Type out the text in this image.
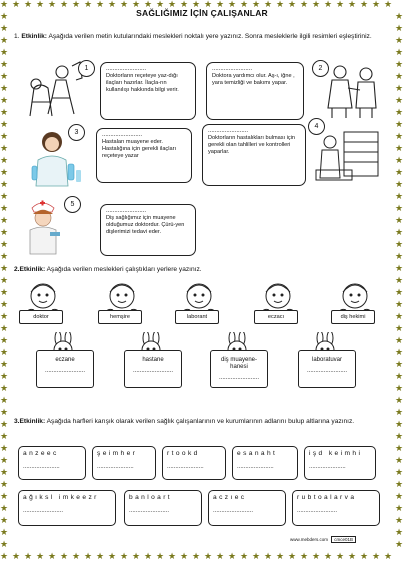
★
★
★
★
★
★
★
★
★
★
★
★
★
★
★
★
★
★
★
★
★
★
★
★
★
★
★
★
★
★
★
★
★
★
★
★
★
★
★
★
★
★
★
★
★
★
★
★
★
★
★
★
★
★
★
★
★
★
★
★
★
★
★
★
★
★
★	★
★	★
★	★
★	★
★	★
★	★
★	★
★	★
★	★
★	★
★	★
★	★
★	★
★	★
★	★
★	★
★	★
★	★
★	★
★	★
★	★
★	★
★	★
★	★
★	★
★	★
★	★
★	★
★	★
★	★
★	★
★	★
★	★
★	★
★	★
★	★
★	★
★	★
★	★
★	★
★	★
★	★
★	★
★	★
★	★
SAĞLIĞIMIZ İÇİN ÇALIŞANLAR
1. Etkinlik: Aşağıda verilen metin kutularındaki meslekleri noktalı yere yazınız. Sonra mesleklerle ilgili resimleri eşleştiriniz.
1	........................
Doktorların reçeteye yaz-dığı ilaçları hazırlar. İlaçla-rın kullanılışı hakkında bilgi verir.
........................
Doktora yardımcı olur. Aş-ı, iğne , yara temizliği ve bakımı yapar.
2
3	........................
Hastaları muayene eder. Hastalığına için gerekli ilaçları reçeteye yazar
........................
Doktorların hastalıkları bulması için gerekli olan tahlilleri ve kontrolleri yaparlar.
4
5
........................
Diş sağlığımız için muayene olduğumuz doktordur. Çürü-yen dişlerimizi tedavi eder.
2.Etkinlik: Aşağıda verilen meslekleri çalıştıkları yerlere yazınız.
doktor	hemşire	laborant	eczacı	diş hekimi
eczane
........................
hastane
........................
diş muayene-
hanesi
........................
laboratuvar
........................
3.Etkinlik: Aşağıda harfleri karışık olarak verilen sağlık çalışanlarının ve kurumlarının adlarını bulup altlarına yazınız.
anzeec
......................
şeimher
......................
rtookd
......................
esanaht
......................
işd keimhi
......................
ağıksl imkeezr
........................
banloart
........................
aczıec
........................
rubtoalarva
........................
www.mebders.com cmce01B
